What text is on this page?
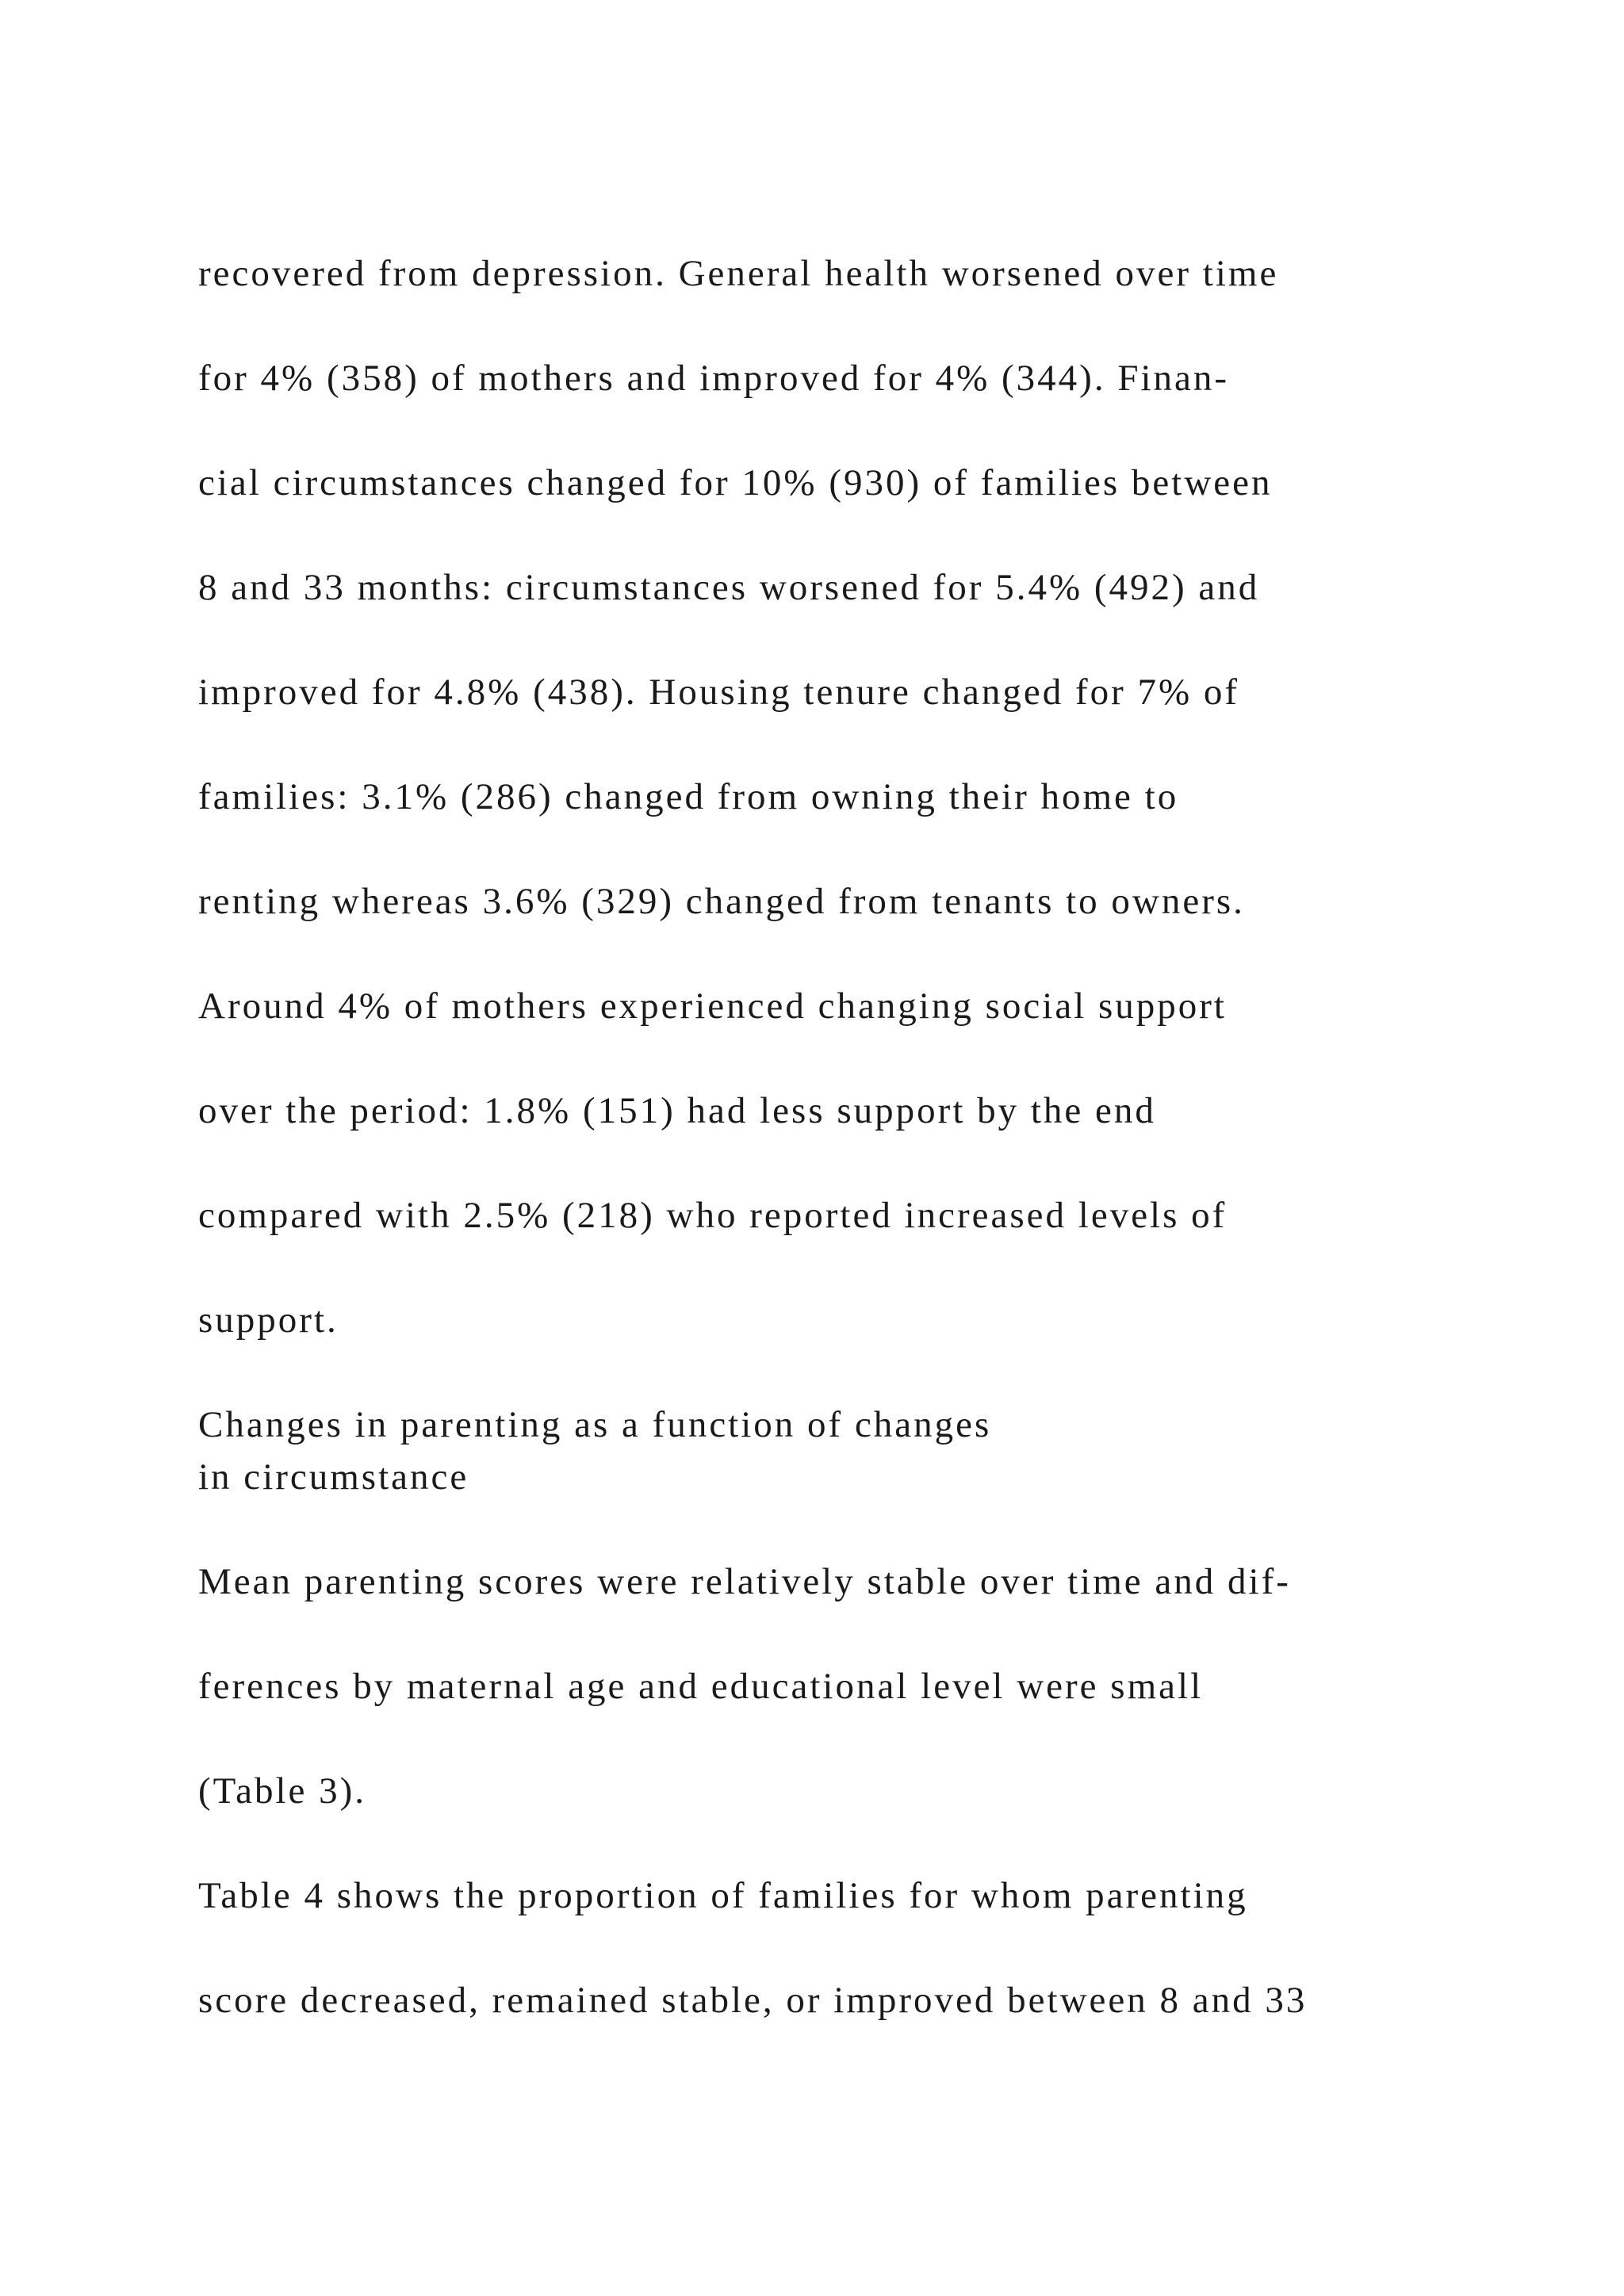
recovered from depression. General health worsened over time
for 4% (358) of mothers and improved for 4% (344). Finan-
cial circumstances changed for 10% (930) of families between
8 and 33 months: circumstances worsened for 5.4% (492) and
improved for 4.8% (438). Housing tenure changed for 7% of
families: 3.1% (286) changed from owning their home to
renting whereas 3.6% (329) changed from tenants to owners.
Around 4% of mothers experienced changing social support
over the period: 1.8% (151) had less support by the end
compared with 2.5% (218) who reported increased levels of
support.
Changes in parenting as a function of changes
in circumstance
Mean parenting scores were relatively stable over time and dif-
ferences by maternal age and educational level were small
(Table 3).
Table 4 shows the proportion of families for whom parenting
score decreased, remained stable, or improved between 8 and 33
